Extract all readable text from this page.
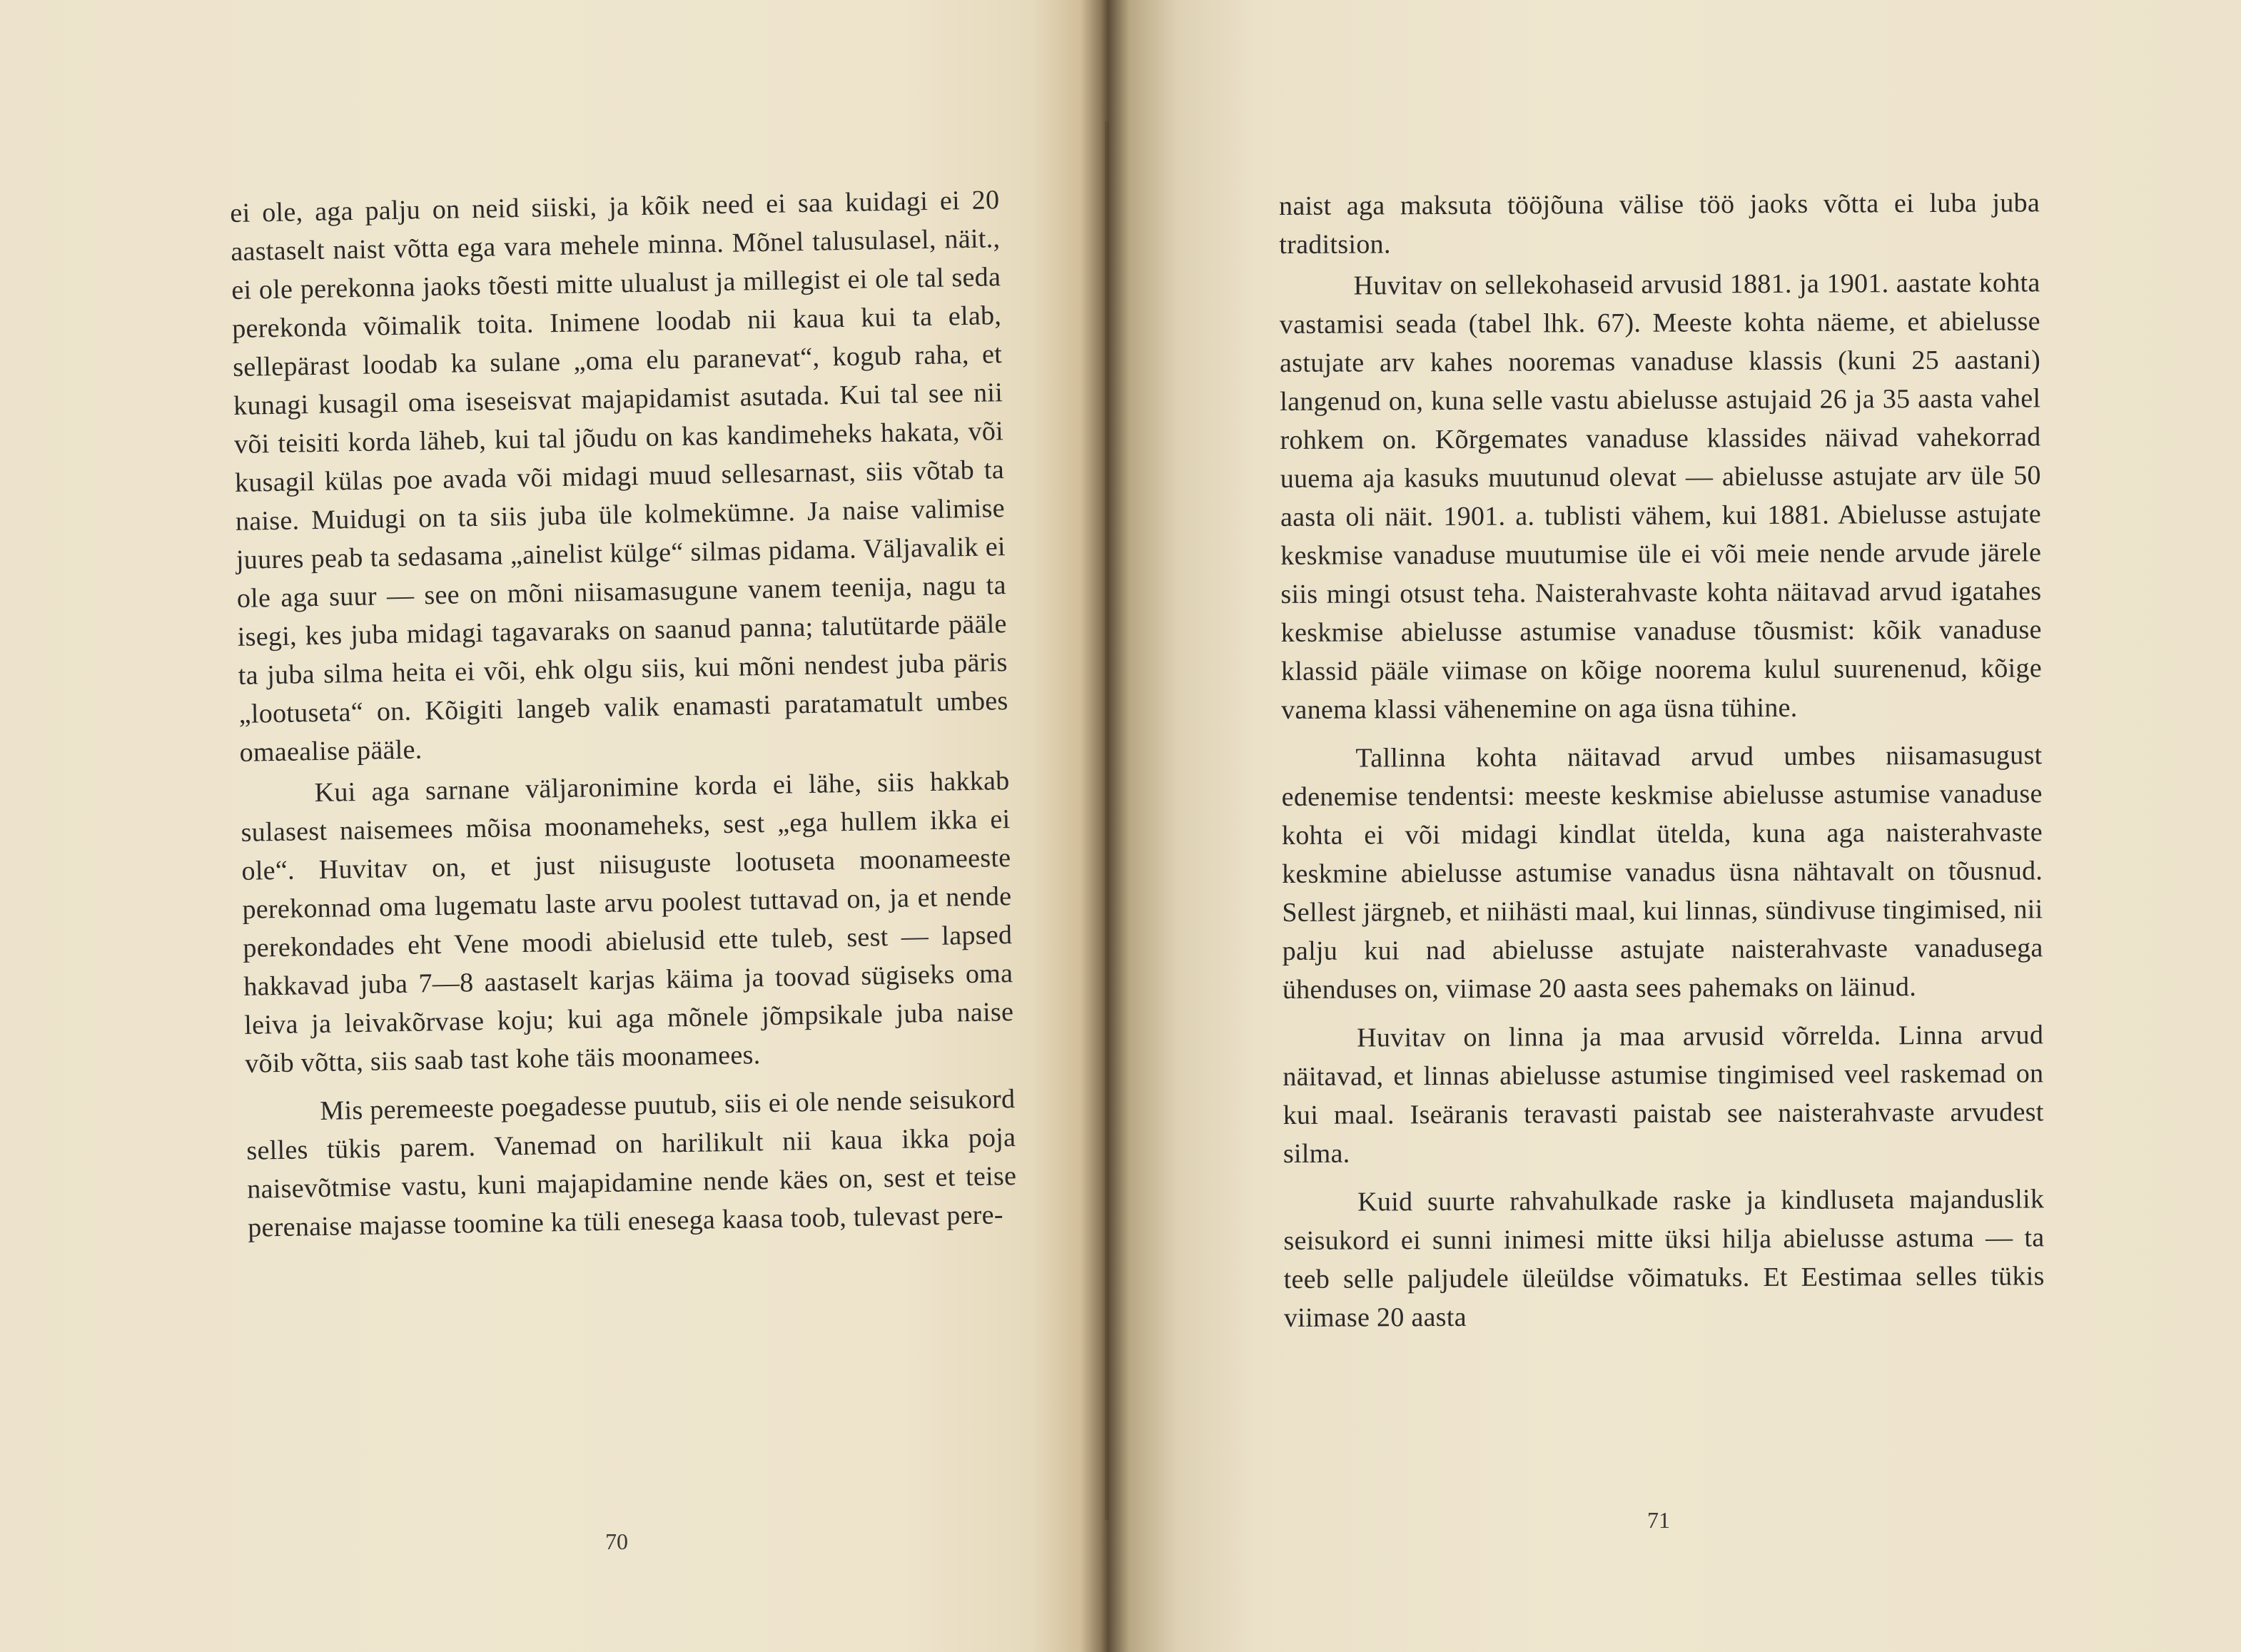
ei ole, aga palju on neid siiski, ja kõik need ei saa kuidagi ei 20 aastaselt naist võtta ega vara mehele minna. Mõnel talusulasel, näit., ei ole perekonna jaoks tõesti mitte ulualust ja millegist ei ole tal seda perekonda võimalik toita. Inimene loodab nii kaua kui ta elab, sellepärast loodab ka sulane „oma elu paranevat“, kogub raha, et kunagi kusagil oma iseseisvat majapidamist asutada. Kui tal see nii või teisiti korda läheb, kui tal jõudu on kas kandimeheks hakata, või kusagil külas poe avada või midagi muud sellesarnast, siis võtab ta naise. Muidugi on ta siis juba üle kolmekümne. Ja naise valimise juures peab ta sedasama „ainelist külge“ silmas pidama. Väljavalik ei ole aga suur — see on mõni niisamasugune vanem teenija, nagu ta isegi, kes juba midagi tagavaraks on saanud panna; talutütarde pääle ta juba silma heita ei või, ehk olgu siis, kui mõni nendest juba päris „lootuseta“ on. Kõigiti langeb valik enamasti paratamatult umbes omaealise pääle.

Kui aga sarnane väljaronimine korda ei lähe, siis hakkab sulasest naisemees mõisa moonameheks, sest „ega hullem ikka ei ole“. Huvitav on, et just niisuguste lootuseta moonameeste perekonnad oma lugematu laste arvu poolest tuttavad on, ja et nende perekondades eht Vene moodi abielusid ette tuleb, sest — lapsed hakkavad juba 7—8 aastaselt karjas käima ja toovad sügiseks oma leiva ja leivakõrvase koju; kui aga mõnele jõmpsikale juba naise võib võtta, siis saab tast kohe täis moonamees.

Mis peremeeste poegadesse puutub, siis ei ole nende seisukord selles tükis parem. Vanemad on harilikult nii kaua ikka poja naisevõtmise vastu, kuni majapidamine nende käes on, sest et teise perenaise majasse toomine ka tüli enesega kaasa toob, tulevast pere-

70

naist aga maksuta tööjõuna välise töö jaoks võtta ei luba juba traditsion.

Huvitav on sellekohaseid arvusid 1881. ja 1901. aastate kohta vastamisi seada (tabel lhk. 67). Meeste kohta näeme, et abielusse astujate arv kahes nooremas vanaduse klassis (kuni 25 aastani) langenud on, kuna selle vastu abielusse astujaid 26 ja 35 aasta vahel rohkem on. Kõrgemates vanaduse klassides näivad vahekorrad uuema aja kasuks muutunud olevat — abielusse astujate arv üle 50 aasta oli näit. 1901. a. tublisti vähem, kui 1881. Abielusse astujate keskmise vanaduse muutumise üle ei või meie nende arvude järele siis mingi otsust teha. Naisterahvaste kohta näitavad arvud igatahes keskmise abielusse astumise vanaduse tõusmist: kõik vanaduse klassid pääle viimase on kõige noorema kulul suurenenud, kõige vanema klassi vähenemine on aga üsna tühine.

Tallinna kohta näitavad arvud umbes niisamasugust edenemise tendentsi: meeste keskmise abielusse astumise vanaduse kohta ei või midagi kindlat ütelda, kuna aga naisterahvaste keskmine abielusse astumise vanadus üsna nähtavalt on tõusnud. Sellest järgneb, et niihästi maal, kui linnas, sündivuse tingimised, nii palju kui nad abielusse astujate naisterahvaste vanadusega ühenduses on, viimase 20 aasta sees pahemaks on läinud.

Huvitav on linna ja maa arvusid võrrelda. Linna arvud näitavad, et linnas abielusse astumise tingimised veel raskemad on kui maal. Iseäranis teravasti paistab see naisterahvaste arvudest silma.

Kuid suurte rahvahulkade raske ja kindluseta majanduslik seisukord ei sunni inimesi mitte üksi hilja abielusse astuma — ta teeb selle paljudele üleüldse võimatuks. Et Eestimaa selles tükis viimase 20 aasta

71
